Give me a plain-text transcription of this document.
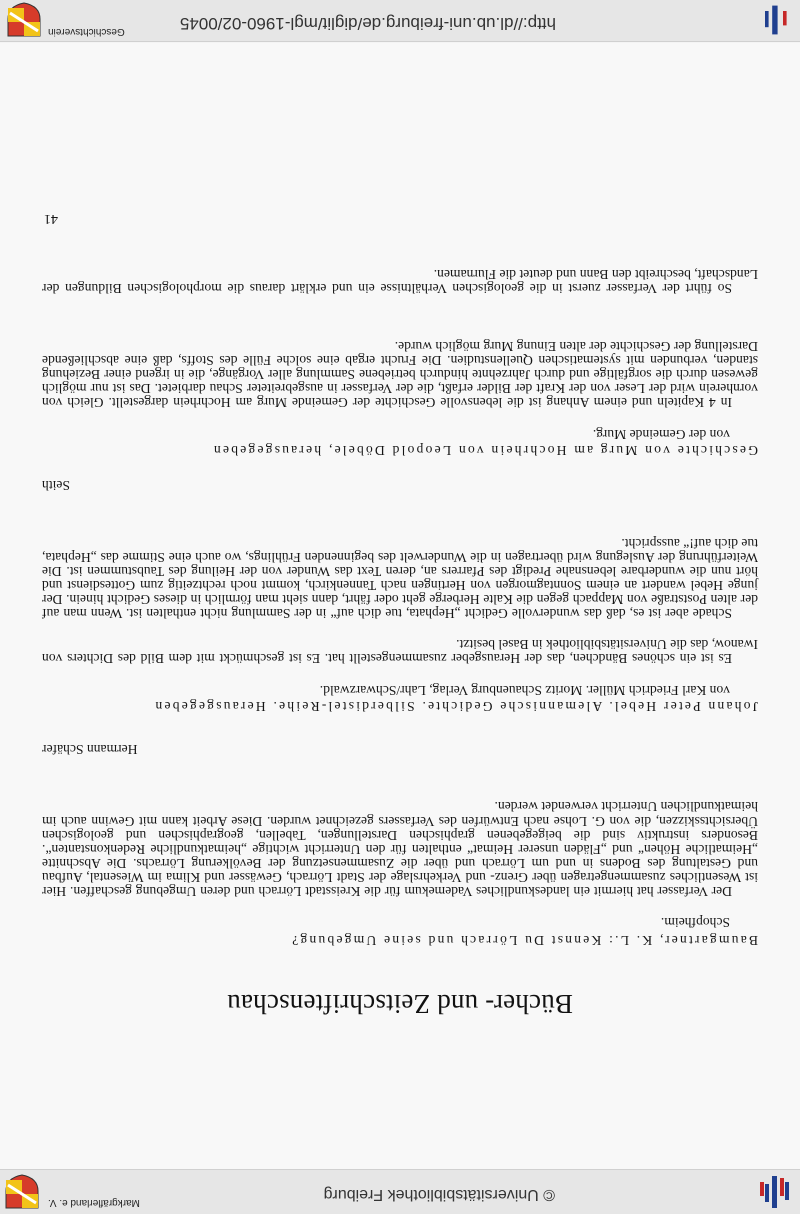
© Universitätsbibliothek Freiburg
Markgräflerland e. V.
Bücher- und Zeitschriftenschau

Baumgartner, K. L.: Kennst Du Lörrach und seine Umgebung?

Schopfheim.

Der Verfasser hat hiermit ein landeskundliches Vademekum für die Kreisstadt Lörrach und deren Umgebung geschaffen. Hier ist Wesentliches zusammengetragen über Grenz- und Verkehrslage der Stadt Lörrach, Gewässer und Klima im Wiesental, Aufbau und Gestaltung des Bodens in und um Lörrach und über die Zusammensetzung der Bevölkerung Lörrachs. Die Abschnitte „Heimatliche Höhen“ und „Fläden unserer Heimat“ enthalten für den Unterricht wichtige „heimatkundliche Redenkonstanten“. Besonders instruktiv sind die beigegebenen graphischen Darstellungen, Tabellen, geographischen und geologischen Übersichtsskizzen, die von G. Lohse nach Entwürfen des Verfassers gezeichnet wurden. Diese Arbeit kann mit Gewinn auch im heimatkundlichen Unterricht verwendet werden.

Hermann Schäfer

Johann Peter Hebel. Alemannische Gedichte. Silberdistel-Reihe. Herausgegeben

von Karl Friedrich Müller. Moritz Schauenburg Verlag, Lahr/Schwarzwald.

Es ist ein schönes Bändchen, das der Herausgeber zusammengestellt hat. Es ist geschmückt mit dem Bild des Dichters von Iwanow, das die Universitätsbibliothek in Basel besitzt.

Schade aber ist es, daß das wundervolle Gedicht „Hephata, tue dich auf“ in der Sammlung nicht enthalten ist. Wenn man auf der alten Poststraße von Mappach gegen die Kalte Herberge geht oder fährt, dann sieht man förmlich in dieses Gedicht hinein. Der junge Hebel wandert an einem Sonntagmorgen von Hertingen nach Tannenkirch, kommt noch rechtzeitig zum Gottesdienst und hört nun die wunderbare lebensnahe Predigt des Pfarrers an, deren Text das Wunder von der Heilung des Taubstummen ist. Die Weiterführung der Auslegung wird übertragen in die Wunderwelt des beginnenden Frühlings, wo auch eine Stimme das „Hephata, tue dich auf!“ ausspricht.

Seith

Geschichte von Murg am Hochrhein von Leopold Döbele, herausgegeben

von der Gemeinde Murg.

In 4 Kapiteln und einem Anhang ist die lebensvolle Geschichte der Gemeinde Murg am Hochrhein dargestellt. Gleich von vornherein wird der Leser von der Kraft der Bilder erfaßt, die der Verfasser in ausgebreiteter Schau darbietet. Das ist nur möglich gewesen durch die sorgfältige und durch Jahrzehnte hindurch betriebene Sammlung aller Vorgänge, die in irgend einer Beziehung standen, verbunden mit systematischen Quellenstudien. Die Frucht ergab eine solche Fülle des Stoffs, daß eine abschließende Darstellung der Geschichte der alten Einung Murg möglich wurde.

So führt der Verfasser zuerst in die geologischen Verhältnisse ein und erklärt daraus die morphologischen Bildungen der Landschaft, beschreibt den Bann und deutet die Flurnamen.

41
http://dl.ub.uni-freiburg.de/diglit/mgl-1960-02/0045
Geschichtsverein
